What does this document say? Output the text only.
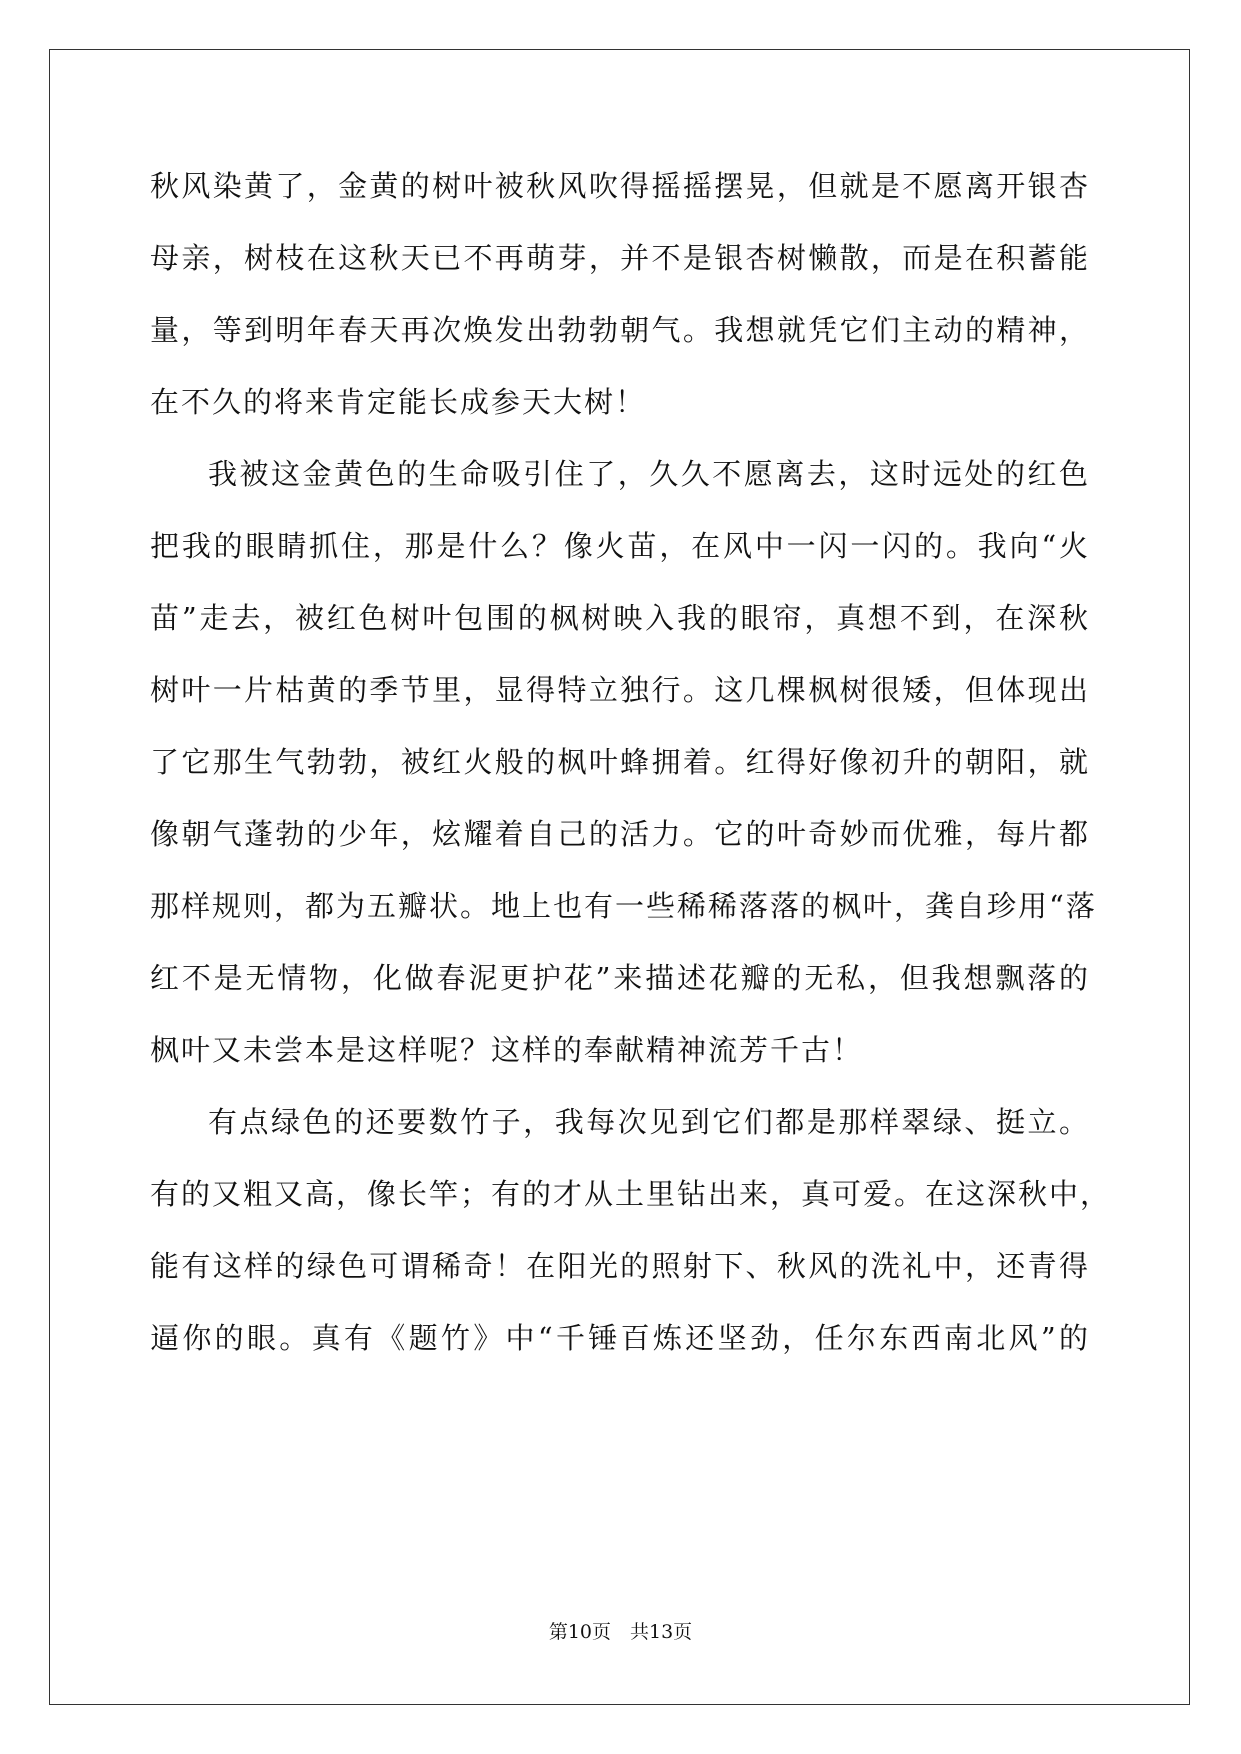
秋风染黄了，金黄的树叶被秋风吹得摇摇摆晃，但就是不愿离开银杏
母亲，树枝在这秋天已不再萌芽，并不是银杏树懒散，而是在积蓄能
量，等到明年春天再次焕发出勃勃朝气。我想就凭它们主动的精神，
在不久的将来肯定能长成参天大树！
我被这金黄色的生命吸引住了，久久不愿离去，这时远处的红色
把我的眼睛抓住，那是什么？像火苗，在风中一闪一闪的。我向“火
苗”走去，被红色树叶包围的枫树映入我的眼帘，真想不到，在深秋
树叶一片枯黄的季节里，显得特立独行。这几棵枫树很矮，但体现出
了它那生气勃勃，被红火般的枫叶蜂拥着。红得好像初升的朝阳，就
像朝气蓬勃的少年，炫耀着自己的活力。它的叶奇妙而优雅，每片都
那样规则，都为五瓣状。地上也有一些稀稀落落的枫叶，龚自珍用“落
红不是无情物，化做春泥更护花”来描述花瓣的无私，但我想飘落的
枫叶又未尝本是这样呢？这样的奉献精神流芳千古！
有点绿色的还要数竹子，我每次见到它们都是那样翠绿、挺立。
有的又粗又高，像长竿；有的才从土里钻出来，真可爱。在这深秋中，
能有这样的绿色可谓稀奇！在阳光的照射下、秋风的洗礼中，还青得
逼你的眼。真有《题竹》中“千锤百炼还坚劲，任尔东西南北风”的
第10页　共13页
